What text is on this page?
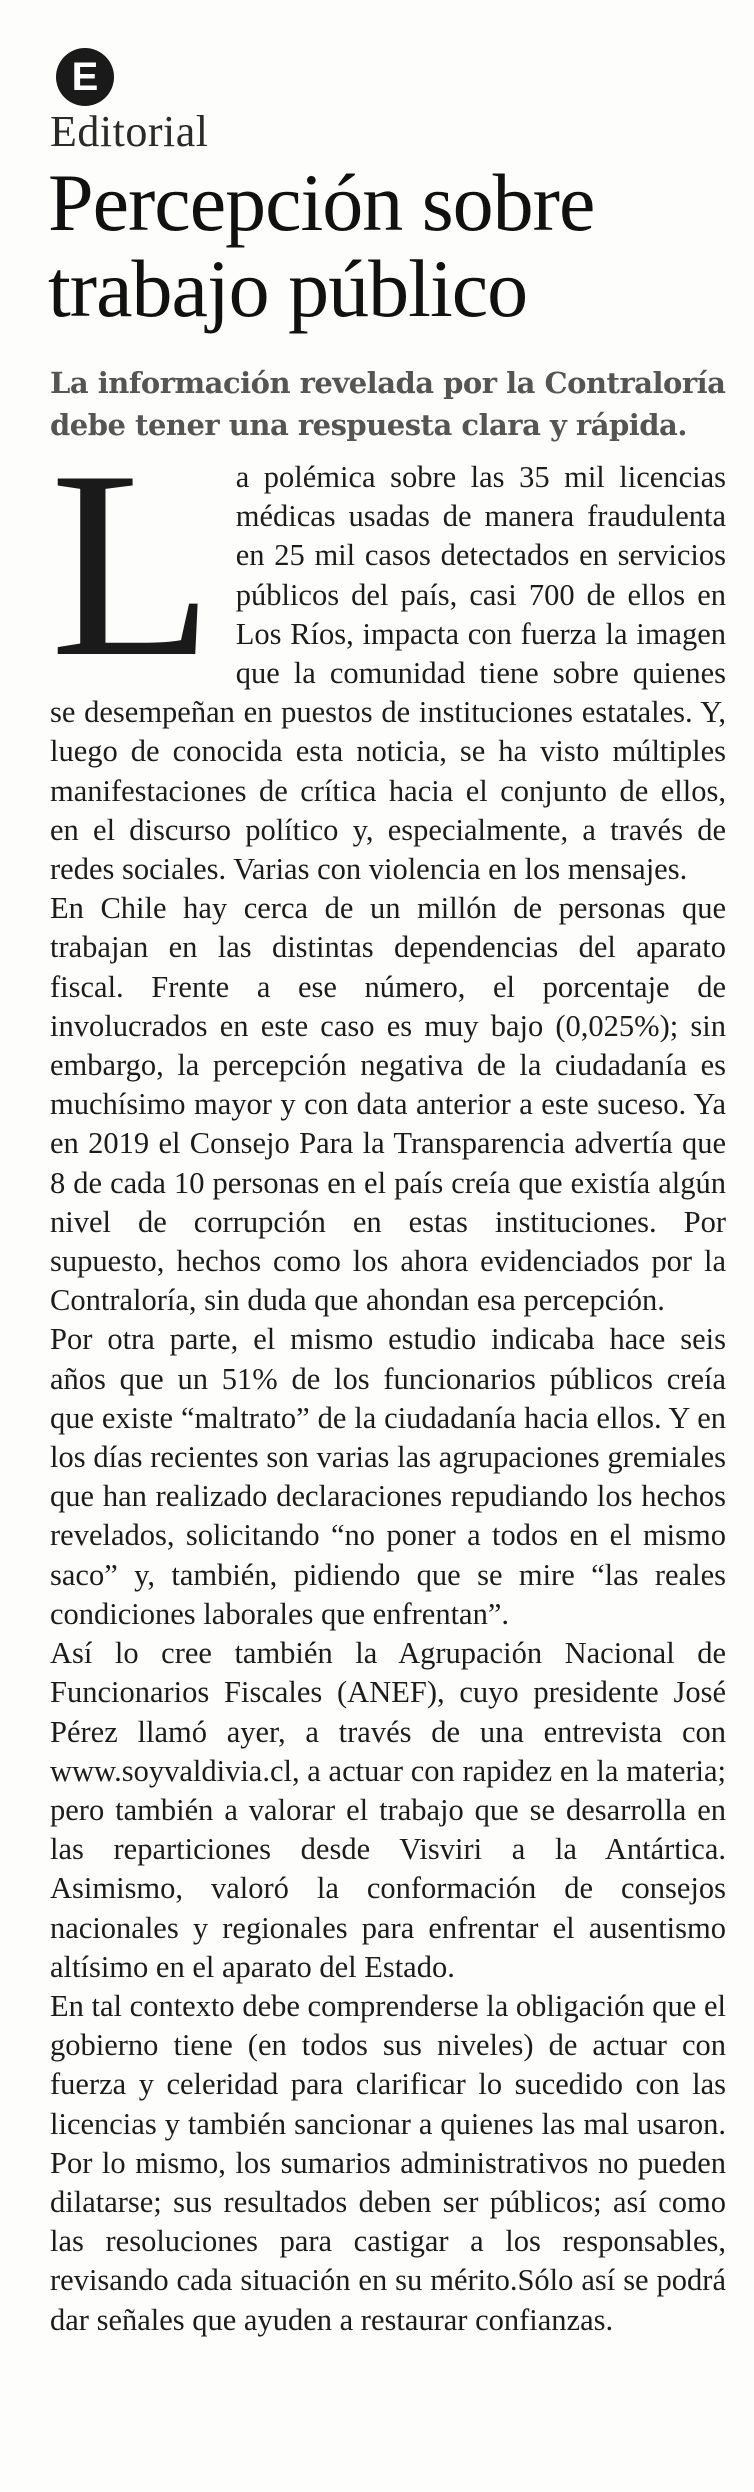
E
Editorial
Percepción sobre trabajo público

La información revelada por la Contraloría debe tener una respuesta clara y rápida.

La polémica sobre las 35 mil licencias médicas usadas de manera fraudulenta en 25 mil casos detectados en servicios públicos del país, casi 700 de ellos en Los Ríos, impacta con fuerza la imagen que la comunidad tiene sobre quienes se desempeñan en puestos de instituciones estatales. Y, luego de conocida esta noticia, se ha visto múltiples manifestaciones de crítica hacia el conjunto de ellos, en el discurso político y, especialmente, a través de redes sociales. Varias con violencia en los mensajes.

En Chile hay cerca de un millón de personas que trabajan en las distintas dependencias del aparato fiscal. Frente a ese número, el porcentaje de involucrados en este caso es muy bajo (0,025%); sin embargo, la percepción negativa de la ciudadanía es muchísimo mayor y con data anterior a este suceso. Ya en 2019 el Consejo Para la Transparencia advertía que 8 de cada 10 personas en el país creía que existía algún nivel de corrupción en estas instituciones. Por supuesto, hechos como los ahora evidenciados por la Contraloría, sin duda que ahondan esa percepción.

Por otra parte, el mismo estudio indicaba hace seis años que un 51% de los funcionarios públicos creía que existe “maltrato” de la ciudadanía hacia ellos. Y en los días recientes son varias las agrupaciones gremiales que han realizado declaraciones repudiando los hechos revelados, solicitando “no poner a todos en el mismo saco” y, también, pidiendo que se mire “las reales condiciones laborales que enfrentan”.

Así lo cree también la Agrupación Nacional de Funcionarios Fiscales (ANEF), cuyo presidente José Pérez llamó ayer, a través de una entrevista con www.soyvaldivia.cl, a actuar con rapidez en la materia; pero también a valorar el trabajo que se desarrolla en las reparticiones desde Visviri a la Antártica. Asimismo, valoró la conformación de consejos nacionales y regionales para enfrentar el ausentismo altísimo en el aparato del Estado.

En tal contexto debe comprenderse la obligación que el gobierno tiene (en todos sus niveles) de actuar con fuerza y celeridad para clarificar lo sucedido con las licencias y también sancionar a quienes las mal usaron. Por lo mismo, los sumarios administrativos no pueden dilatarse; sus resultados deben ser públicos; así como las resoluciones para castigar a los responsables, revisando cada situación en su mérito.Sólo así se podrá dar señales que ayuden a restaurar confianzas.
